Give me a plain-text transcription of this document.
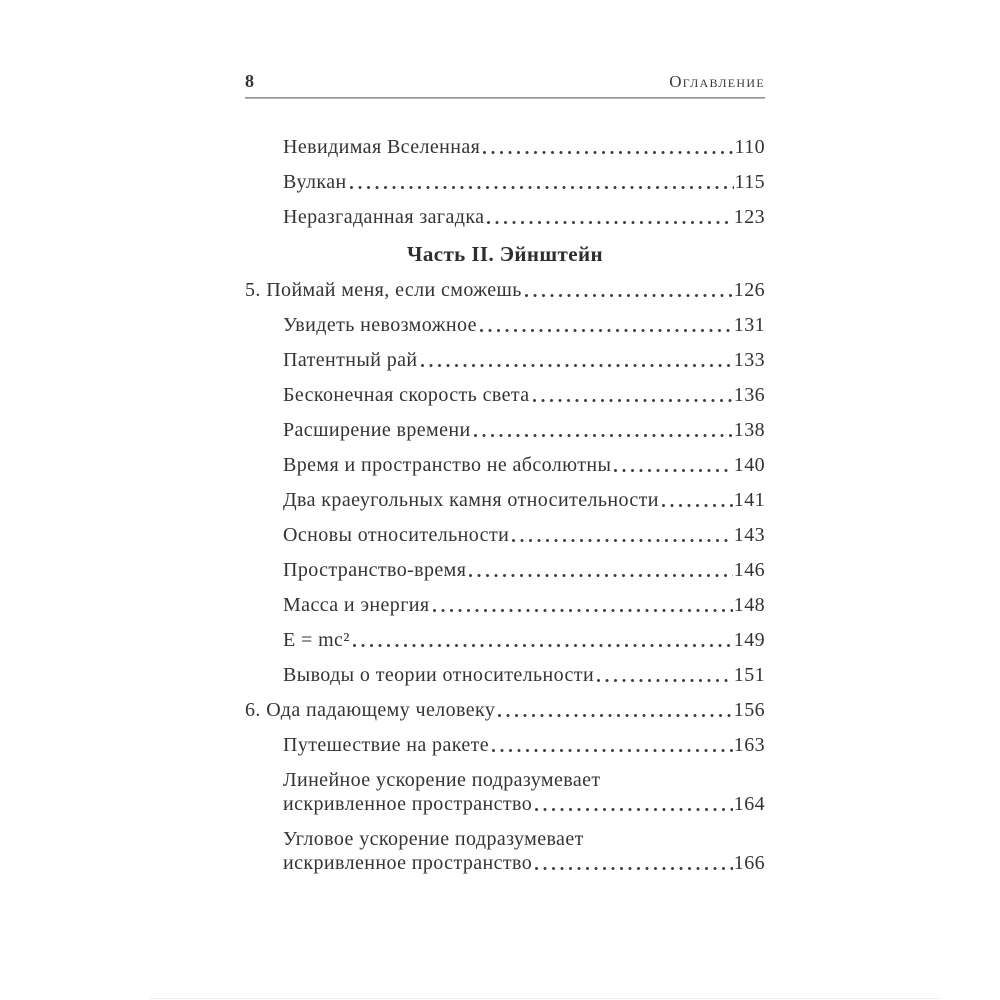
8	Оглавление
Невидимая Вселенная	110
Вулкан	115
Неразгаданная загадка	123
Часть II. Эйнштейн
5. Поймай меня, если сможешь	126
Увидеть невозможное	131
Патентный рай	133
Бесконечная скорость света	136
Расширение времени	138
Время и пространство не абсолютны	140
Два краеугольных камня относительности	141
Основы относительности	143
Пространство-время	146
Масса и энергия	148
E = mc²	149
Выводы о теории относительности	151
6. Ода падающему человеку	156
Путешествие на ракете	163
Линейное ускорение подразумевает
искривленное пространство	164
Угловое ускорение подразумевает
искривленное пространство	166
